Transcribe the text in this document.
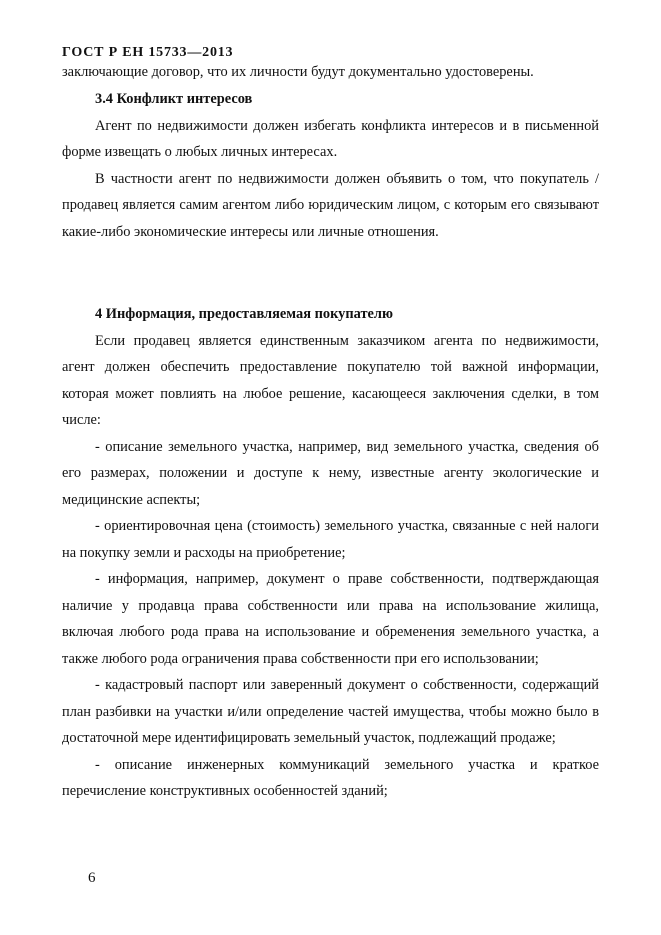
ГОСТ Р ЕН 15733—2013

заключающие договор, что их личности будут документально удостоверены.

3.4 Конфликт интересов

Агент по недвижимости должен избегать конфликта интересов и в письменной форме извещать о любых личных интересах.

В частности агент по недвижимости должен объявить о том, что покупатель / продавец является самим агентом либо юридическим лицом, с которым его связывают какие-либо экономические интересы или личные отношения.

4 Информация, предоставляемая покупателю

Если продавец является единственным заказчиком агента по недвижимости, агент должен обеспечить предоставление покупателю той важной информации, которая может повлиять на любое решение, касающееся заключения сделки, в том числе:

- описание земельного участка, например, вид земельного участка, сведения об его размерах, положении и доступе к нему, известные агенту экологические и медицинские аспекты;

- ориентировочная цена (стоимость) земельного участка, связанные с ней налоги на покупку земли и расходы на приобретение;

- информация, например, документ о праве собственности, подтверждающая наличие у продавца права собственности или права на использование жилища, включая любого рода права на использование и обременения земельного участка, а также любого рода ограничения права собственности при его использовании;

- кадастровый паспорт или заверенный документ о собственности, содержащий план разбивки на участки и/или определение частей имущества, чтобы можно было в достаточной мере идентифицировать земельный участок, подлежащий продаже;

- описание инженерных коммуникаций земельного участка и краткое перечисление конструктивных особенностей зданий;

6
